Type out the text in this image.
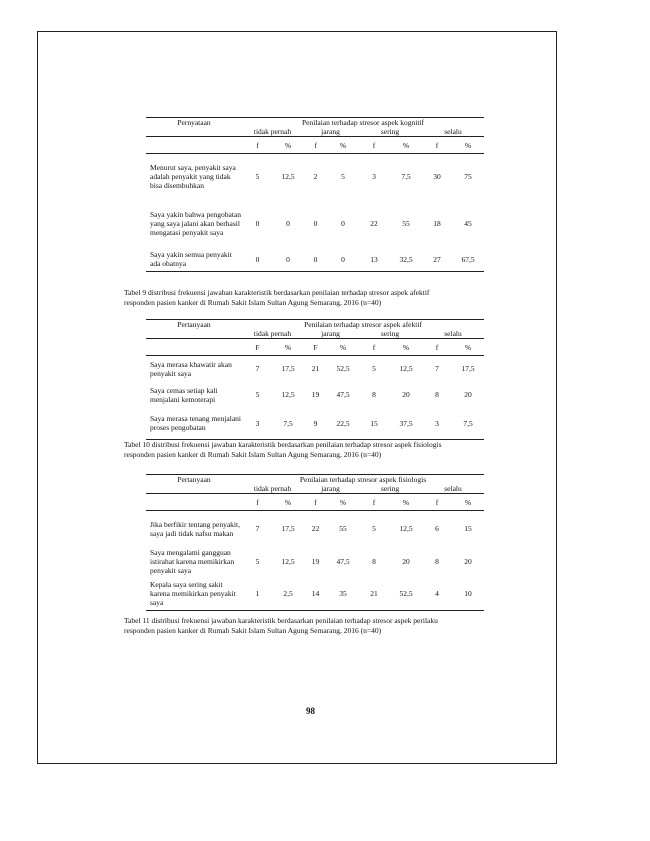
Pernyataan	Penilaian terhadap stresor aspek kognitif							
	tidak pernah		jarang		sering		selalu	
	f	%	f	%	f	%	f	%
Menurut saya, penyakit saya adalah penyakit yang tidak bisa disembuhkan	5	12,5	2	5	3	7,5	30	75
Saya yakin bahwa pengobatan yang saya jalani akan berhasil mengatasi penyakit saya	0	0	0	0	22	55	18	45
Saya yakin semua penyakit ada obatnya	0	0	0	0	13	32,5	27	67,5
Tabel 9 distribusi frekuensi jawaban karakteristik berdasarkan penilaian terhadap stresor aspek afektif
responden pasien kanker di Rumah Sakit Islam Sultan Agung Semarang, 2016 (n=40)
Pertanyaan	Penilaian terhadap stresor aspek afektif							
	tidak pernah		jarang		sering		selalu	
	F	%	F	%	f	%	f	%
Saya merasa khawatir akan penyakit saya	7	17,5	21	52,5	5	12,5	7	17,5
Saya cemas setiap kali menjalani kemoterapi	5	12,5	19	47,5	8	20	8	20
Saya merasa tenang menjalani proses pengobatan	3	7,5	9	22,5	15	37,5	3	7,5
Tabel 10 distribusi frekuensi jawaban karakteristik berdasarkan penilaian terhadap stresor aspek fisiologis
responden pasien kanker di Rumah Sakit Islam Sultan Agung Semarang, 2016 (n=40)
Pertanyaan	Penilaian terhadap stresor aspek fisiologis							
	tidak pernah		jarang		sering		selalu	
	f	%	f	%	f	%	f	%
Jika berfikir tentang penyakit, saya jadi tidak nafsu makan	7	17,5	22	55	5	12,5	6	15
Saya mengalami gangguan istirahat karena memikirkan penyakit saya	5	12,5	19	47,5	8	20	8	20
Kepala saya sering sakit karena memikirkan penyakit saya	1	2,5	14	35	21	52,5	4	10
Tabel 11 distribusi frekuensi jawaban karakteristik berdasarkan penilaian terhadap stresor aspek perilaku
responden pasien kanker di Rumah Sakit Islam Sultan Agung Semarang, 2016 (n=40)
98
